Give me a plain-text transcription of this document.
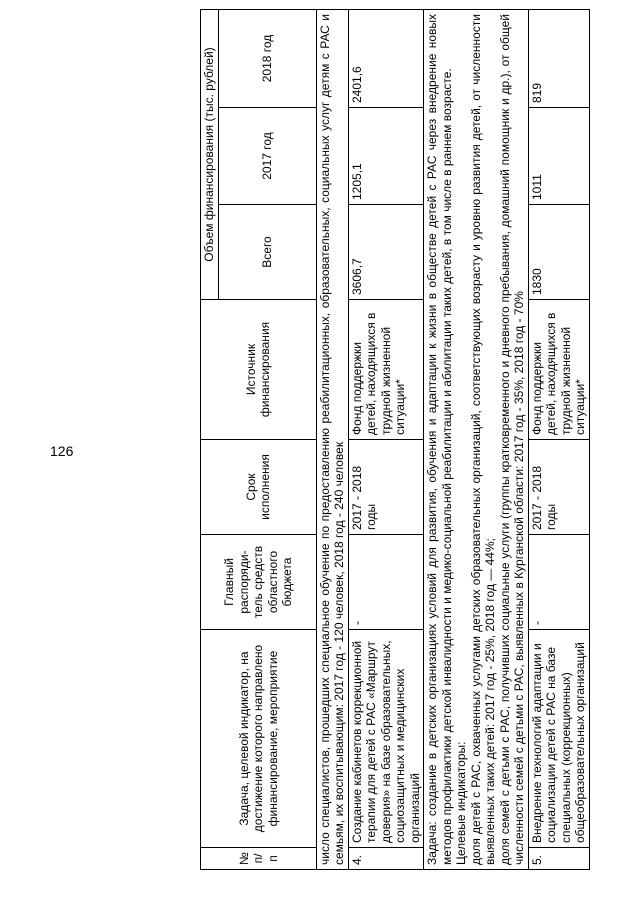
126
№ п/п	Задача, целевой индикатор, на достижение которого направлено финансирование, мероприятие	Главный распоряди-тель средств областного бюджета	Срок исполнения	Источник финансирования	Объем финансирования (тыс. рублей)		
					Всего	2017 год	2018 год
число специалистов, прошедших специальное обучение по предоставлению реабилитационных, образовательных, социальных услуг детям с РАС и семьям, их воспитывающим: 2017 год - 120 человек, 2018 год - 240 человек							
4.	Создание кабинетов коррекционной терапии для детей с РАС «Маршрут доверия» на базе образовательных, социозащитных и медицинских организаций	-	2017 - 2018 годы	Фонд поддержки детей, находящихся в трудной жизненной ситуации*	3606,7	1205,1	2401,6

Задача: создание в детских организациях условий для развития, обучения и адаптации к жизни в обществе детей с РАС через внедрение новых методов профилактики детской инвалидности и медико-социальной реабилитации и абилитации таких детей, в том числе в раннем возрасте. Целевые индикаторы: доля детей с РАС, охваченных услугами детских образовательных организаций, соответствующих возрасту и уровню развития детей, от численности выявленных таких детей: 2017 год - 25%, 2018 год — 44%; доля семей с детьми с РАС, получивших социальные услуги (группы кратковременного и дневного пребывания, домашний помощник и др.), от общей численности семей с детьми с РАС, выявленных в Курганской области: 2017 год - 35%, 2018 год - 70%							

5.	Внедрение технологий адаптации и социализации детей с РАС на базе специальных (коррекционных) общеобразовательных организаций	-	2017 - 2018 годы	Фонд поддержки детей, находящихся в трудной жизненной ситуации*	1830	1011	819
